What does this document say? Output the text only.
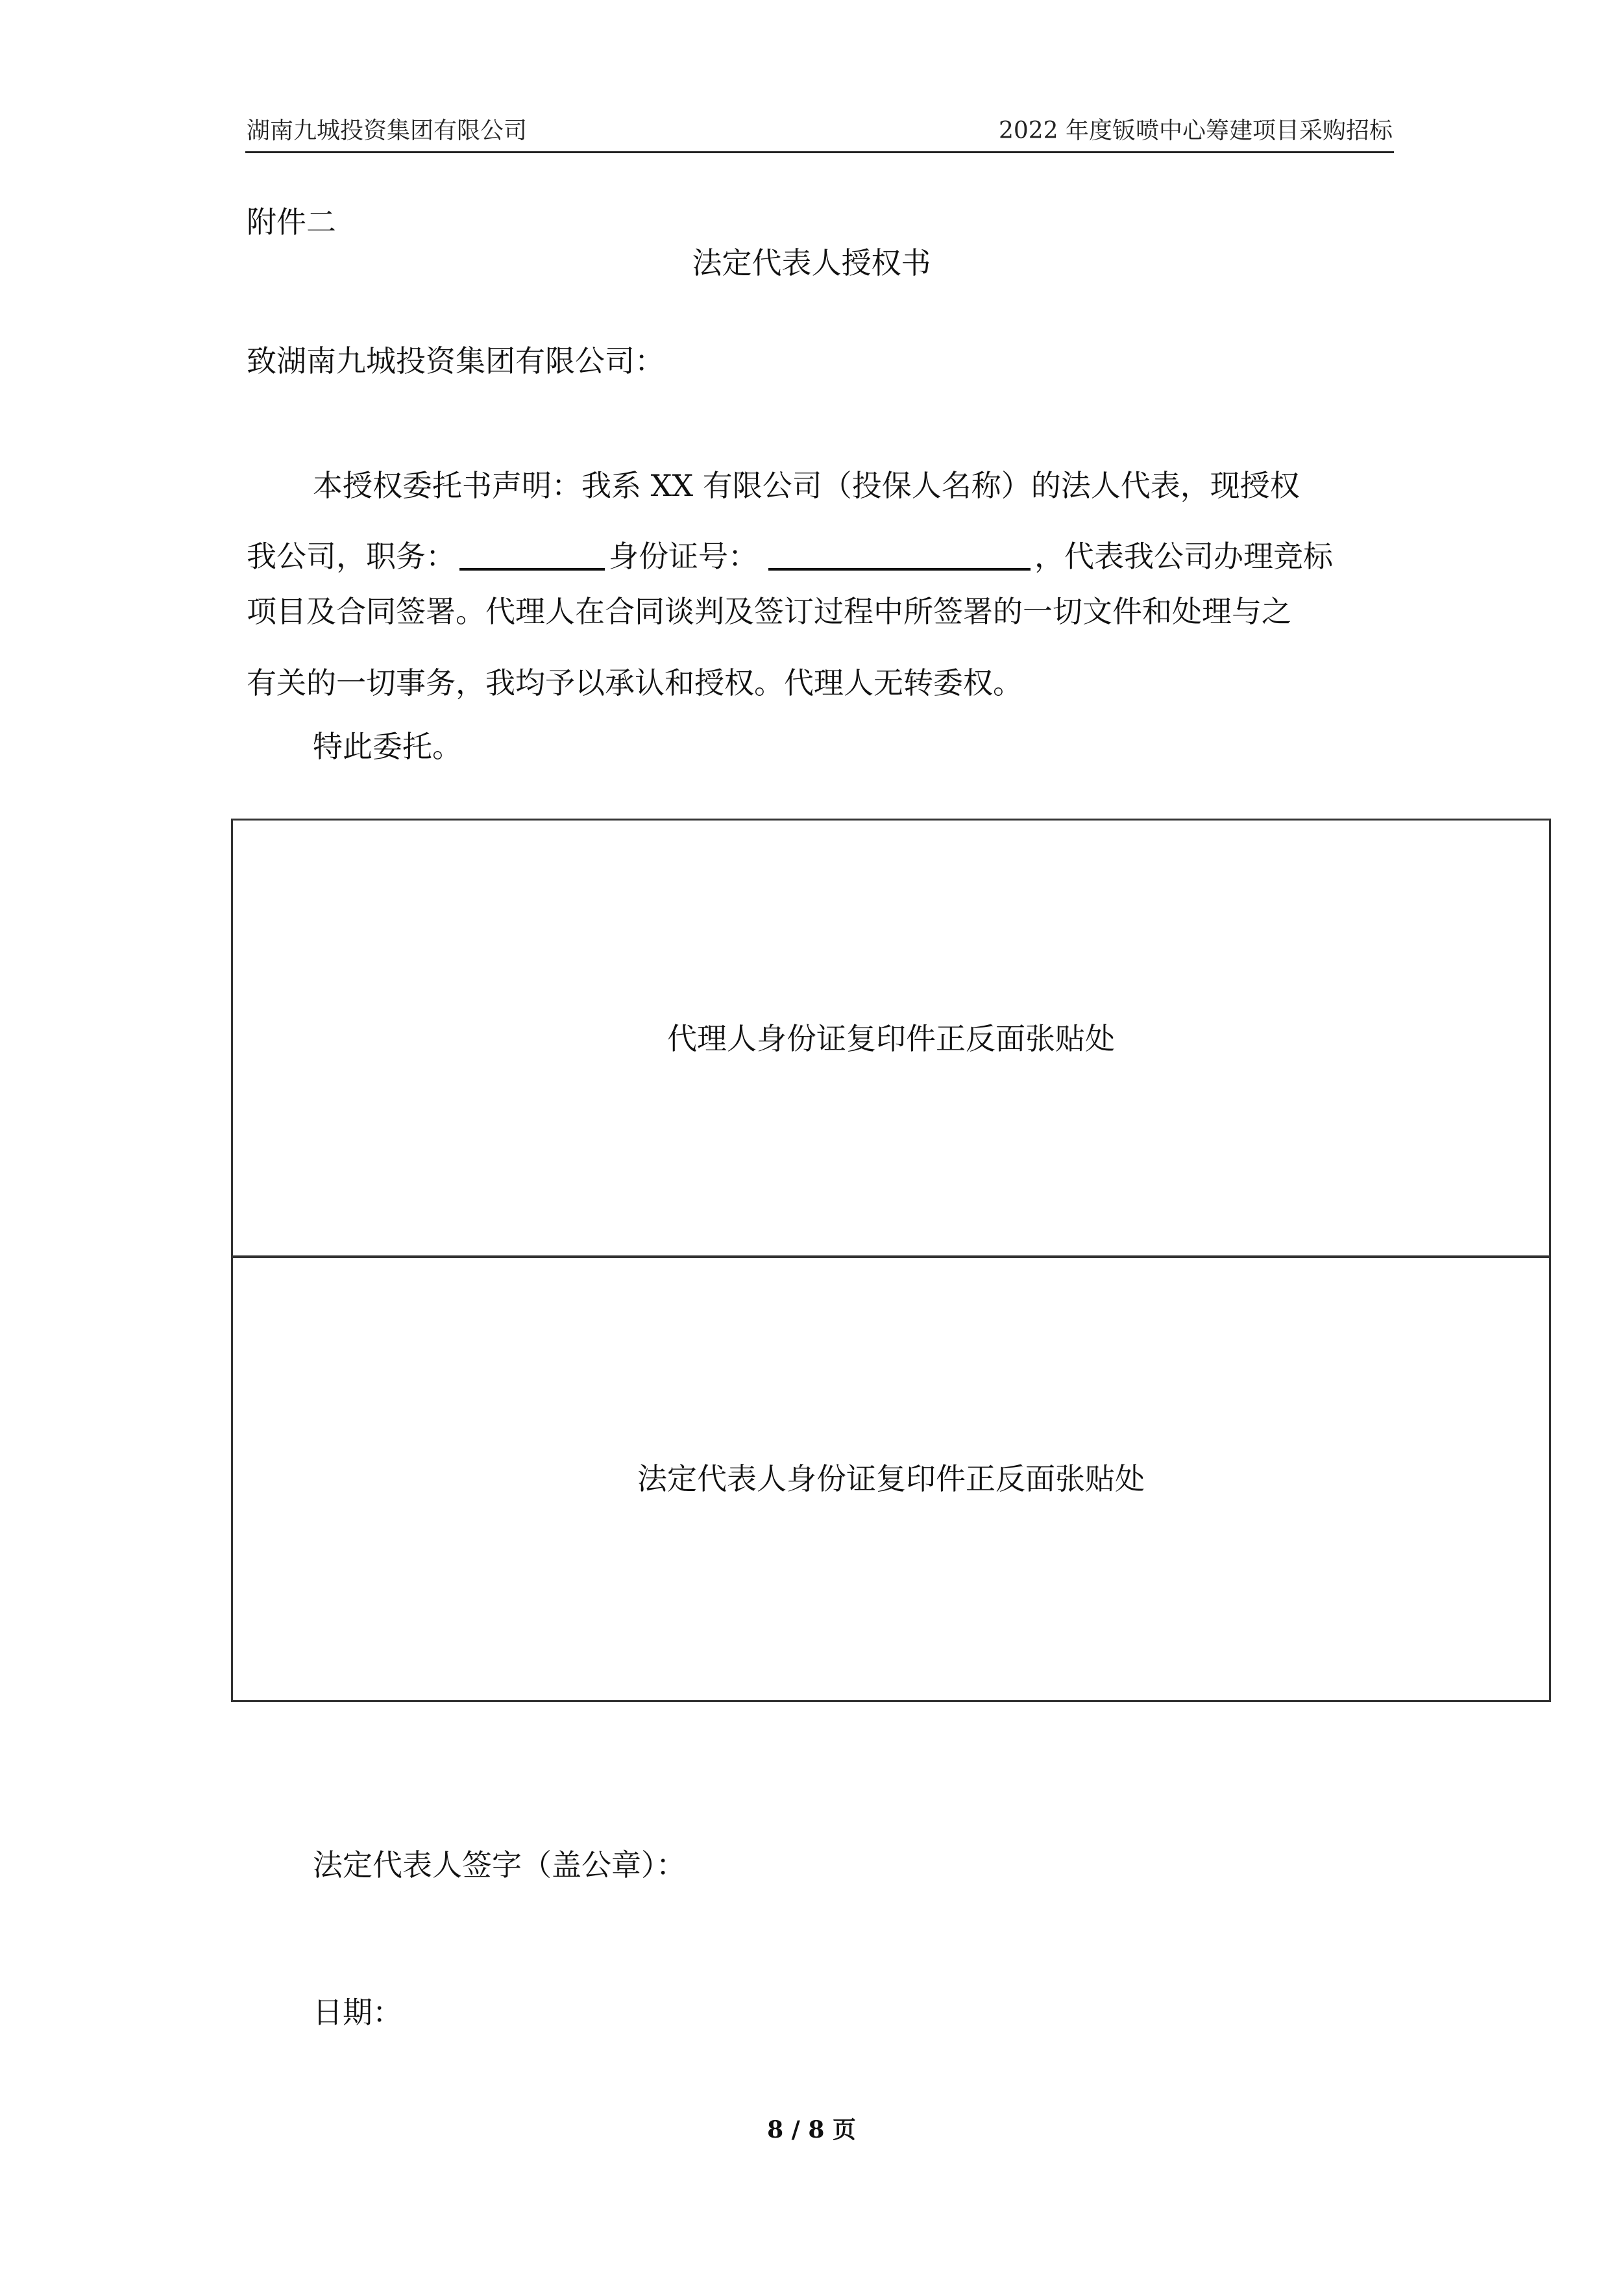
湖南九城投资集团有限公司	2022 年度钣喷中心筹建项目采购招标
附件二
法定代表人授权书
致湖南九城投资集团有限公司：
本授权委托书声明：我系 XX 有限公司（投保人名称）的法人代表，现授权
我公司，职务：	身份证号：	，代表我公司办理竞标
项目及合同签署。代理人在合同谈判及签订过程中所签署的一切文件和处理与之
有关的一切事务，我均予以承认和授权。代理人无转委权。
特此委托。
代理人身份证复印件正反面张贴处
法定代表人身份证复印件正反面张贴处
法定代表人签字（盖公章）：
日期：
8 / 8 页
